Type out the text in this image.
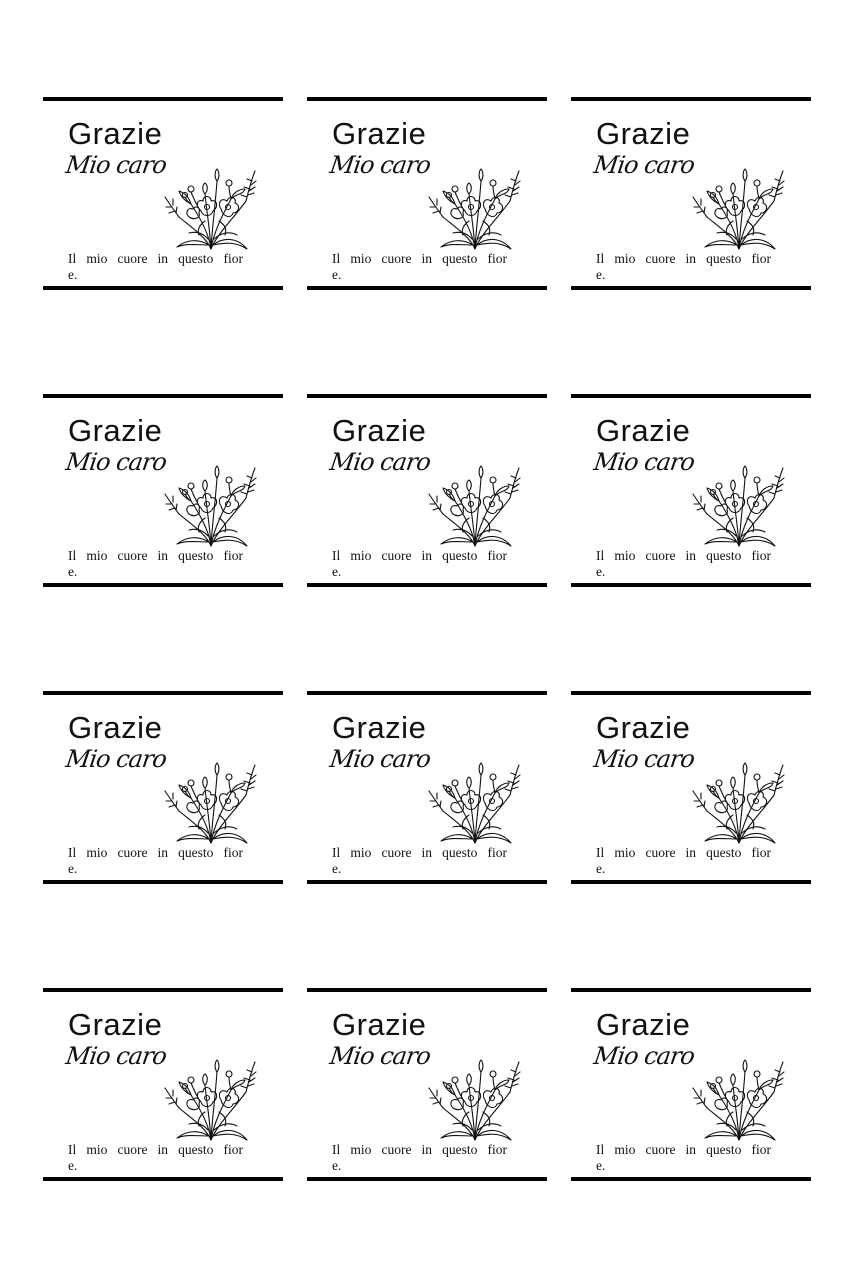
Grazie
Mio caro
Il mio cuore in questo fior
e.
Grazie
Mio caro
Il mio cuore in questo fior
e.
Grazie
Mio caro
Il mio cuore in questo fior
e.
Grazie
Mio caro
Il mio cuore in questo fior
e.
Grazie
Mio caro
Il mio cuore in questo fior
e.
Grazie
Mio caro
Il mio cuore in questo fior
e.
Grazie
Mio caro
Il mio cuore in questo fior
e.
Grazie
Mio caro
Il mio cuore in questo fior
e.
Grazie
Mio caro
Il mio cuore in questo fior
e.
Grazie
Mio caro
Il mio cuore in questo fior
e.
Grazie
Mio caro
Il mio cuore in questo fior
e.
Grazie
Mio caro
Il mio cuore in questo fior
e.
